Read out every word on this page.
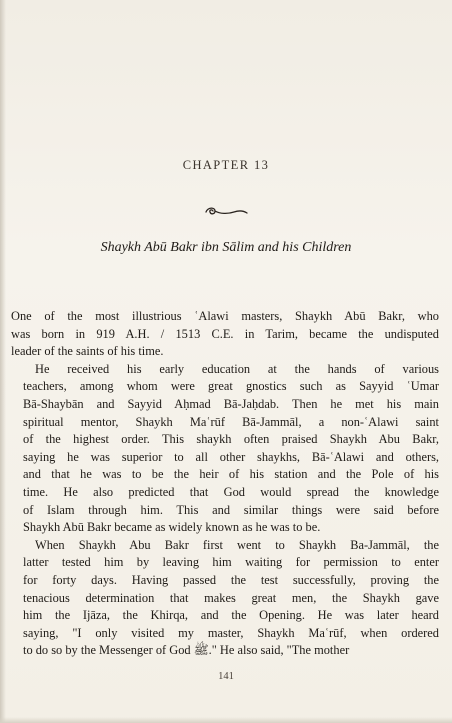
CHAPTER 13
Shaykh Abū Bakr ibn Sālim and his Children

One of the most illustrious ʿAlawi masters, Shaykh Abū Bakr, who
was born in 919 A.H. / 1513 C.E. in Tarim, became the undisputed
leader of the saints of his time.

He received his early education at the hands of various
teachers, among whom were great gnostics such as Sayyid ʿUmar
Bā-Shaybān and Sayyid Aḥmad Bā-Jaḥdab. Then he met his main
spiritual mentor, Shaykh Maʿrūf Bā-Jammāl, a non-ʿAlawi saint
of the highest order. This shaykh often praised Shaykh Abu Bakr,
saying he was superior to all other shaykhs, Bā-ʿAlawi and others,
and that he was to be the heir of his station and the Pole of his
time. He also predicted that God would spread the knowledge
of Islam through him. This and similar things were said before
Shaykh Abū Bakr became as widely known as he was to be.

When Shaykh Abu Bakr first went to Shaykh Ba-Jammāl, the
latter tested him by leaving him waiting for permission to enter
for forty days. Having passed the test successfully, proving the
tenacious determination that makes great men, the Shaykh gave
him the Ijāza, the Khirqa, and the Opening. He was later heard
saying, "I only visited my master, Shaykh Maʿrūf, when ordered
to do so by the Messenger of God ﷺ." He also said, "The mother

141
